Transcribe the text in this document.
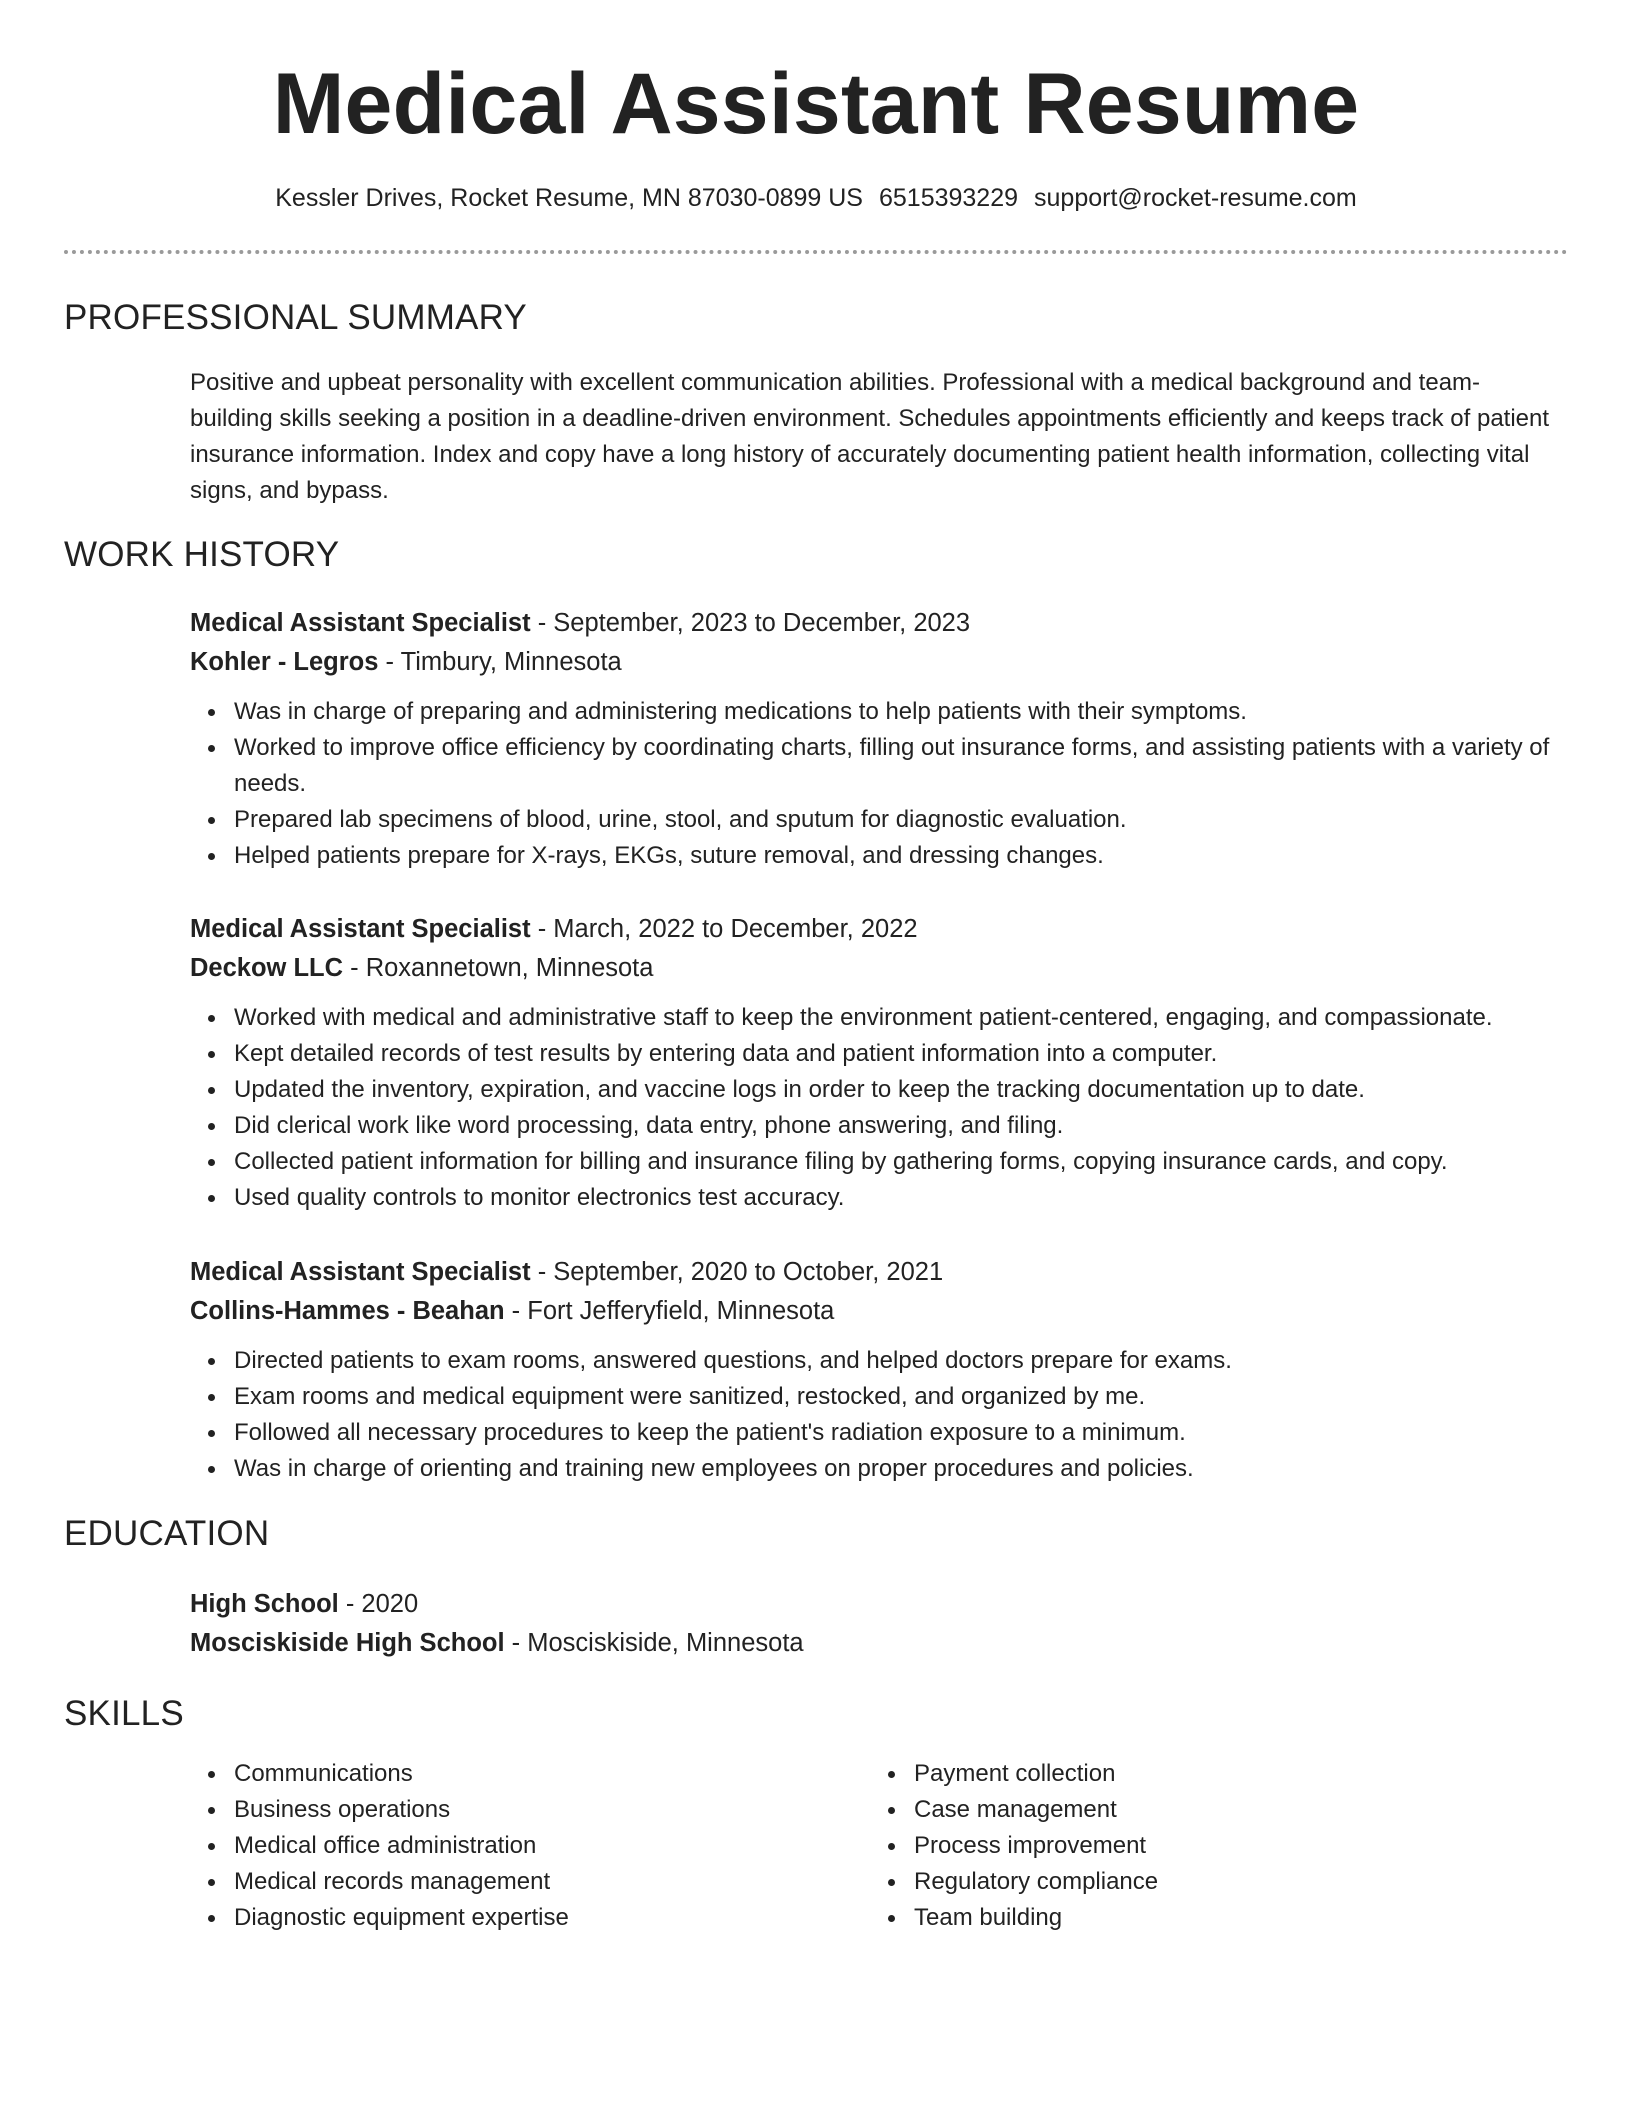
Medical Assistant Resume
Kessler Drives, Rocket Resume, MN 87030-0899 US 6515393229 support@rocket-resume.com
PROFESSIONAL SUMMARY

Positive and upbeat personality with excellent communication abilities. Professional with a medical background and team-building skills seeking a position in a deadline-driven environment. Schedules appointments efficiently and keeps track of patient insurance information. Index and copy have a long history of accurately documenting patient health information, collecting vital signs, and bypass.

WORK HISTORY

Medical Assistant Specialist - September, 2023 to December, 2023

Kohler - Legros - Timbury, Minnesota

Was in charge of preparing and administering medications to help patients with their symptoms.
Worked to improve office efficiency by coordinating charts, filling out insurance forms, and assisting patients with a variety of needs.
Prepared lab specimens of blood, urine, stool, and sputum for diagnostic evaluation.
Helped patients prepare for X-rays, EKGs, suture removal, and dressing changes.

Medical Assistant Specialist - March, 2022 to December, 2022

Deckow LLC - Roxannetown, Minnesota

Worked with medical and administrative staff to keep the environment patient-centered, engaging, and compassionate.
Kept detailed records of test results by entering data and patient information into a computer.
Updated the inventory, expiration, and vaccine logs in order to keep the tracking documentation up to date.
Did clerical work like word processing, data entry, phone answering, and filing.
Collected patient information for billing and insurance filing by gathering forms, copying insurance cards, and copy.
Used quality controls to monitor electronics test accuracy.

Medical Assistant Specialist - September, 2020 to October, 2021

Collins-Hammes - Beahan - Fort Jefferyfield, Minnesota

Directed patients to exam rooms, answered questions, and helped doctors prepare for exams.
Exam rooms and medical equipment were sanitized, restocked, and organized by me.
Followed all necessary procedures to keep the patient's radiation exposure to a minimum.
Was in charge of orienting and training new employees on proper procedures and policies.
EDUCATION

High School - 2020

Mosciskiside High School - Mosciskiside, Minnesota

SKILLS
Communications
Business operations
Medical office administration
Medical records management
Diagnostic equipment expertise
Payment collection
Case management
Process improvement
Regulatory compliance
Team building
